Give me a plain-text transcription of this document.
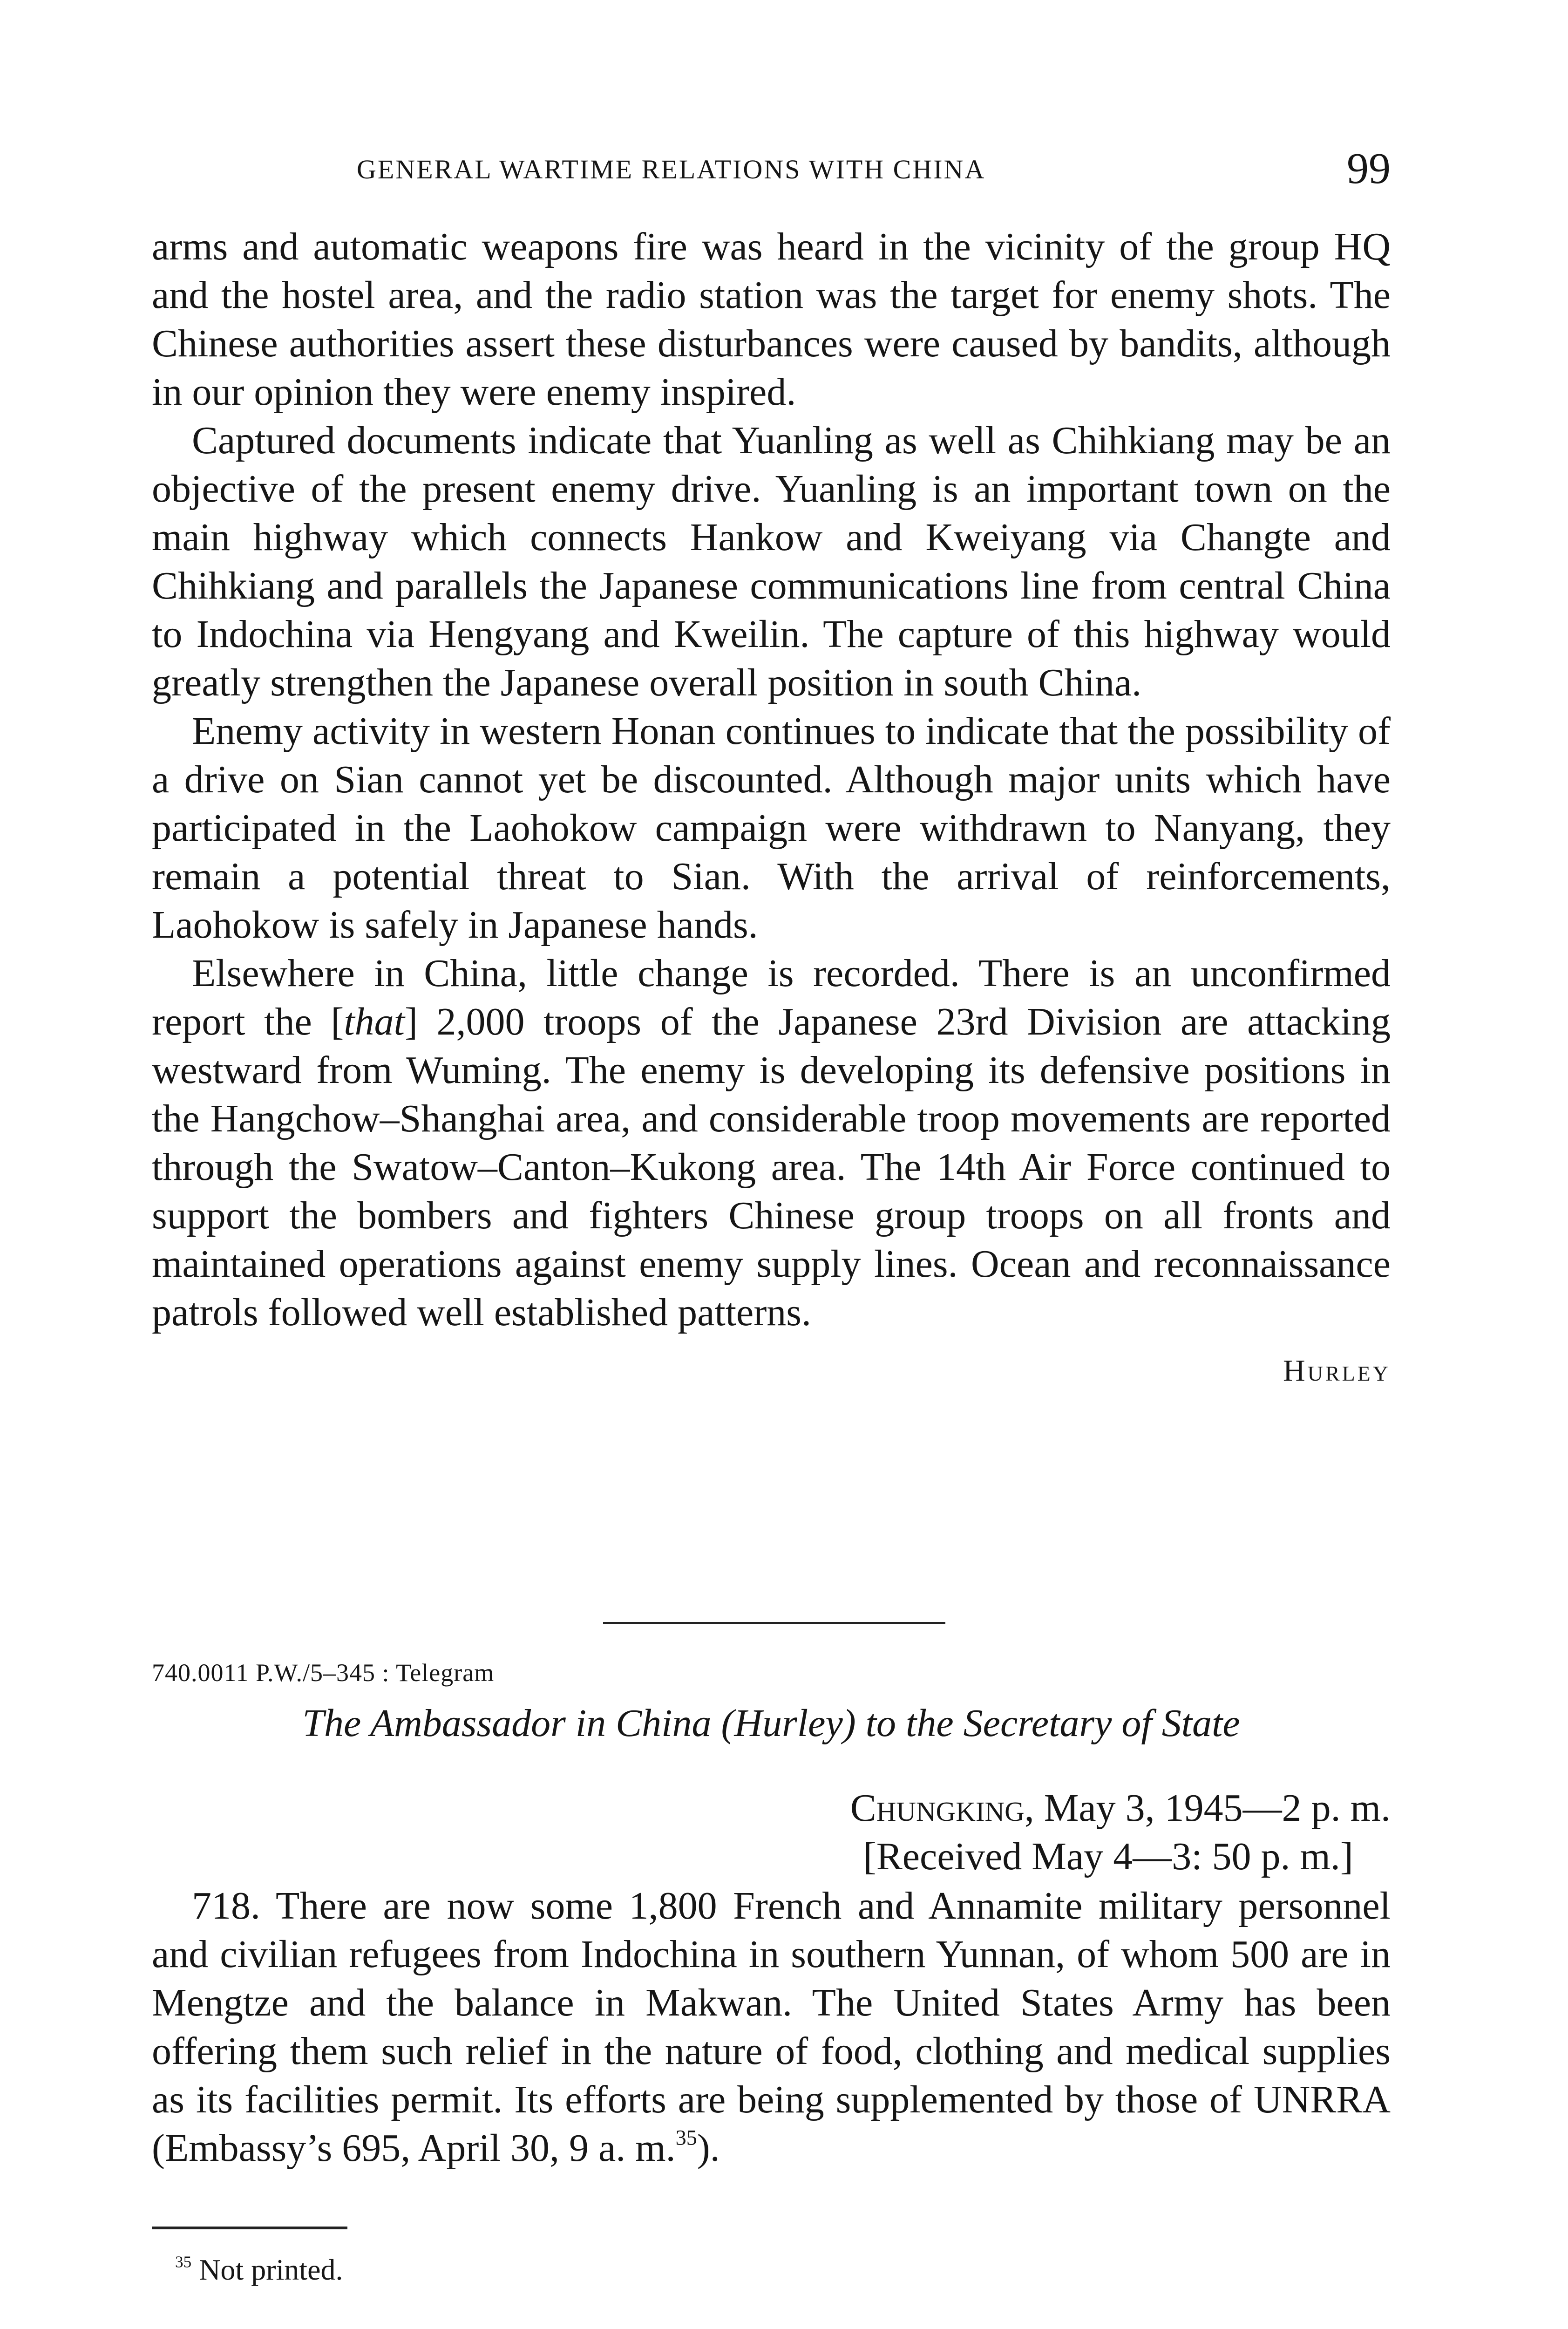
GENERAL WARTIME RELATIONS WITH CHINA	99

arms and automatic weapons fire was heard in the vicinity of the group HQ and the hostel area, and the radio station was the target for enemy shots. The Chinese authorities assert these disturbances were caused by bandits, although in our opinion they were enemy inspired.

Captured documents indicate that Yuanling as well as Chihkiang may be an objective of the present enemy drive. Yuanling is an important town on the main highway which connects Hankow and Kweiyang via Changte and Chihkiang and parallels the Japanese communications line from central China to Indochina via Hengyang and Kweilin. The capture of this highway would greatly strengthen the Japanese overall position in south China.

Enemy activity in western Honan continues to indicate that the possibility of a drive on Sian cannot yet be discounted. Although major units which have participated in the Laohokow campaign were withdrawn to Nanyang, they remain a potential threat to Sian. With the arrival of reinforcements, Laohokow is safely in Japanese hands.

Elsewhere in China, little change is recorded. There is an unconfirmed report the [that] 2,000 troops of the Japanese 23rd Division are attacking westward from Wuming. The enemy is developing its defensive positions in the Hangchow–Shanghai area, and considerable troop movements are reported through the Swatow–Canton–Kukong area. The 14th Air Force continued to support the bombers and fighters Chinese group troops on all fronts and maintained operations against enemy supply lines. Ocean and reconnaissance patrols followed well established patterns.

Hurley

740.0011 P.W./5–345 : Telegram
The Ambassador in China (Hurley) to the Secretary of State
Chungking, May 3, 1945—2 p. m.
[Received May 4—3: 50 p. m.]

718. There are now some 1,800 French and Annamite military personnel and civilian refugees from Indochina in southern Yunnan, of whom 500 are in Mengtze and the balance in Makwan. The United States Army has been offering them such relief in the nature of food, clothing and medical supplies as its facilities permit. Its efforts are being supplemented by those of UNRRA (Embassy’s 695, April 30, 9 a. m.$^{35}$).

$^{35}$ Not printed.
